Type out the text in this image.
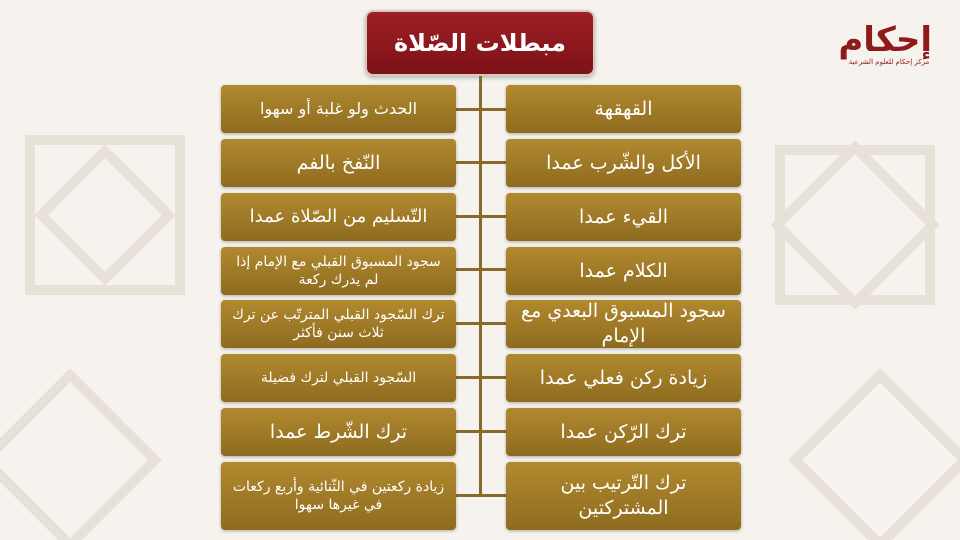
إحكام
مركز إحكام للعلوم الشرعية
مبطلات الصّلاة
القهقهة
الأكل والشّرب عمدا
القيء عمدا
الكلام عمدا
سجود المسبوق البعدي مع الإمام
زيادة ركن فعلي عمدا
ترك الرّكن عمدا
ترك التّرتيب بين المشتركتين
الحدث ولو غلبة أو سهوا
النّفخ بالفم
التّسليم من الصّلاة عمدا
سجود المسبوق القبلي مع الإمام إذا لم يدرك ركعة
ترك السّجود القبلي المترتّب عن ترك ثلاث سنن فأكثر
السّجود القبلي لترك فضيلة
ترك الشّرط عمدا
زيادة ركعتين في الثّنائية وأربع ركعات في غيرها سهوا
